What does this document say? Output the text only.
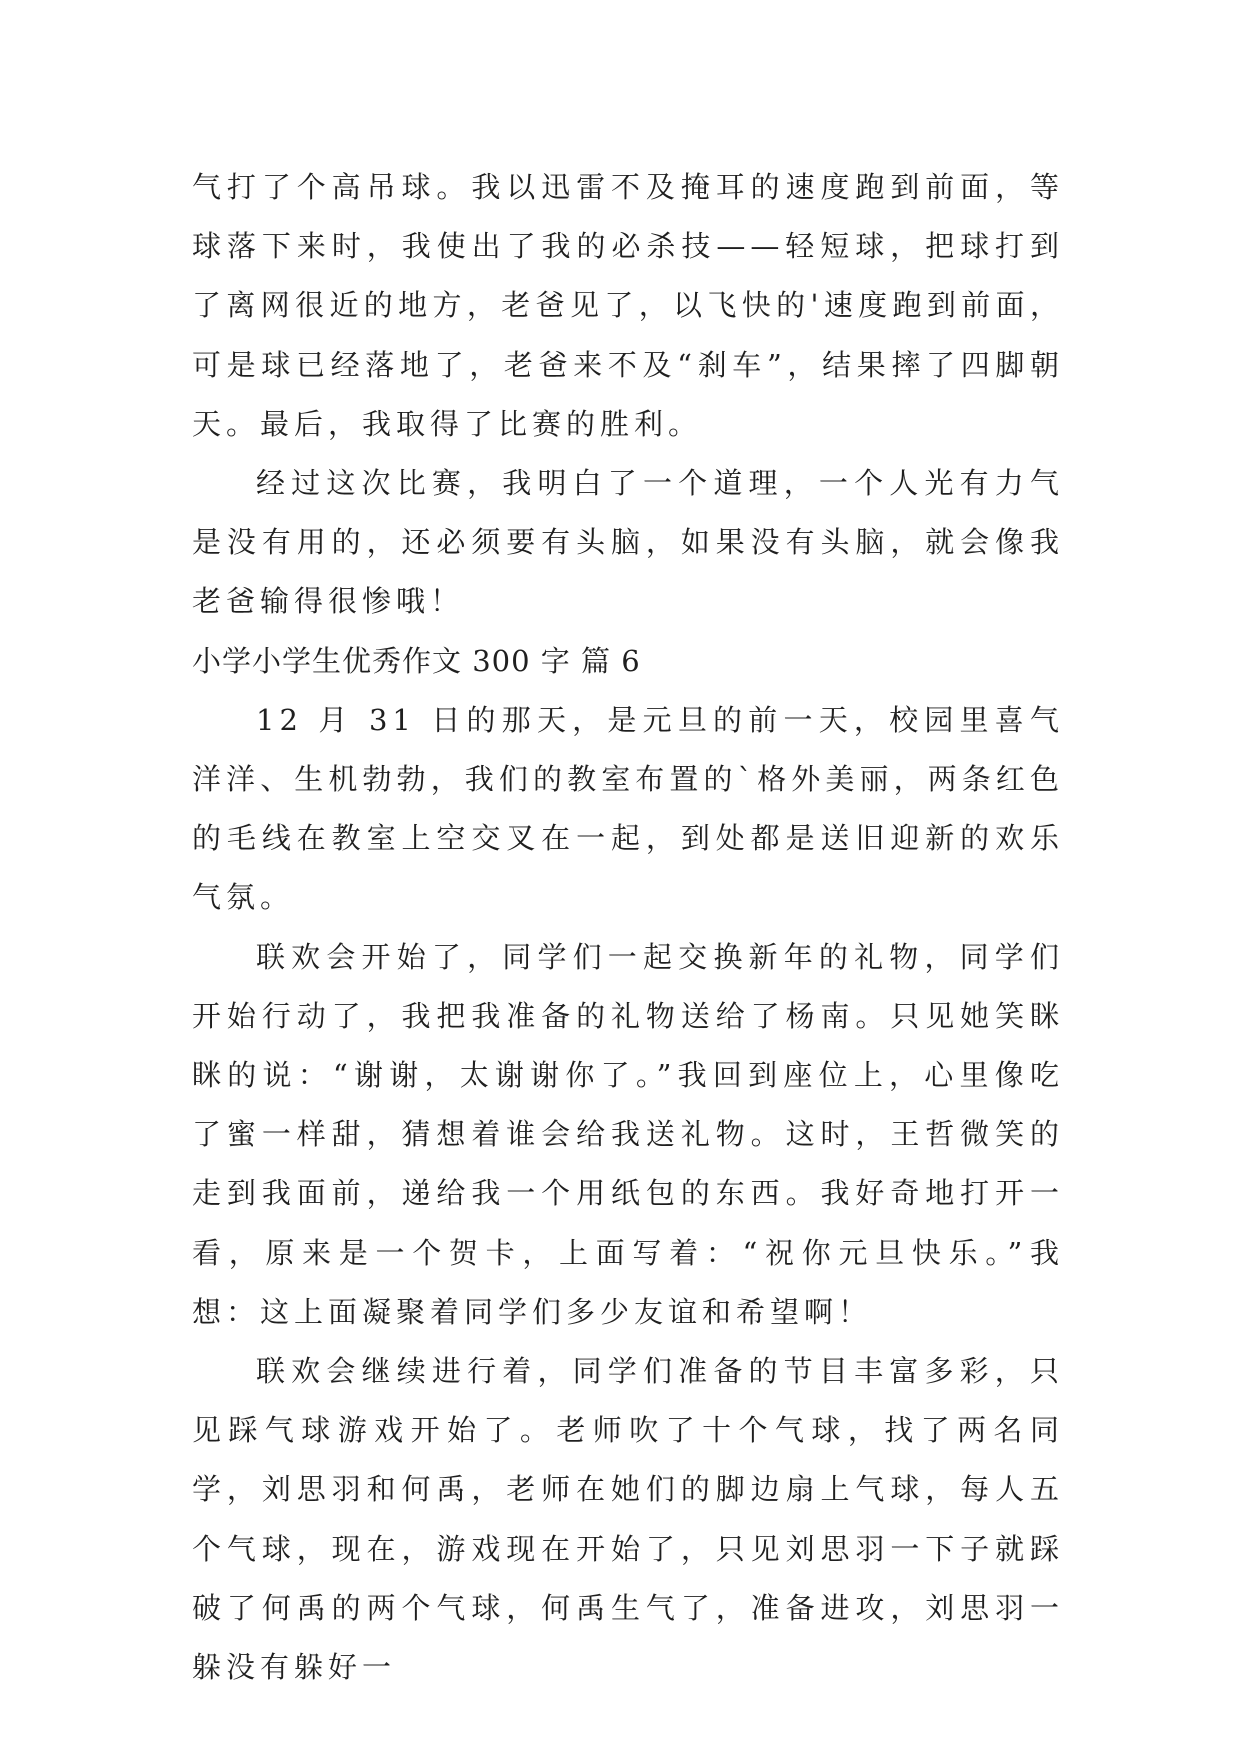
气打了个高吊球。我以迅雷不及掩耳的速度跑到前面，等球落下来时，我使出了我的必杀技——轻短球，把球打到了离网很近的地方，老爸见了，以飞快的'速度跑到前面，可是球已经落地了，老爸来不及“刹车”，结果摔了四脚朝天。最后，我取得了比赛的胜利。

经过这次比赛，我明白了一个道理，一个人光有力气是没有用的，还必须要有头脑，如果没有头脑，就会像我老爸输得很惨哦！

小学小学生优秀作文 300 字 篇 6

12 月 31 日的那天，是元旦的前一天，校园里喜气洋洋、生机勃勃，我们的教室布置的`格外美丽，两条红色的毛线在教室上空交叉在一起，到处都是送旧迎新的欢乐气氛。

联欢会开始了，同学们一起交换新年的礼物，同学们开始行动了，我把我准备的礼物送给了杨南。只见她笑眯眯的说：“谢谢，太谢谢你了。”我回到座位上，心里像吃了蜜一样甜，猜想着谁会给我送礼物。这时，王哲微笑的走到我面前，递给我一个用纸包的东西。我好奇地打开一看，原来是一个贺卡，上面写着：“祝你元旦快乐。”我想：这上面凝聚着同学们多少友谊和希望啊！

联欢会继续进行着，同学们准备的节目丰富多彩，只见踩气球游戏开始了。老师吹了十个气球，找了两名同学，刘思羽和何禹，老师在她们的脚边扇上气球，每人五个气球，现在，游戏现在开始了，只见刘思羽一下子就踩破了何禹的两个气球，何禹生气了，准备进攻，刘思羽一躲没有躲好一
